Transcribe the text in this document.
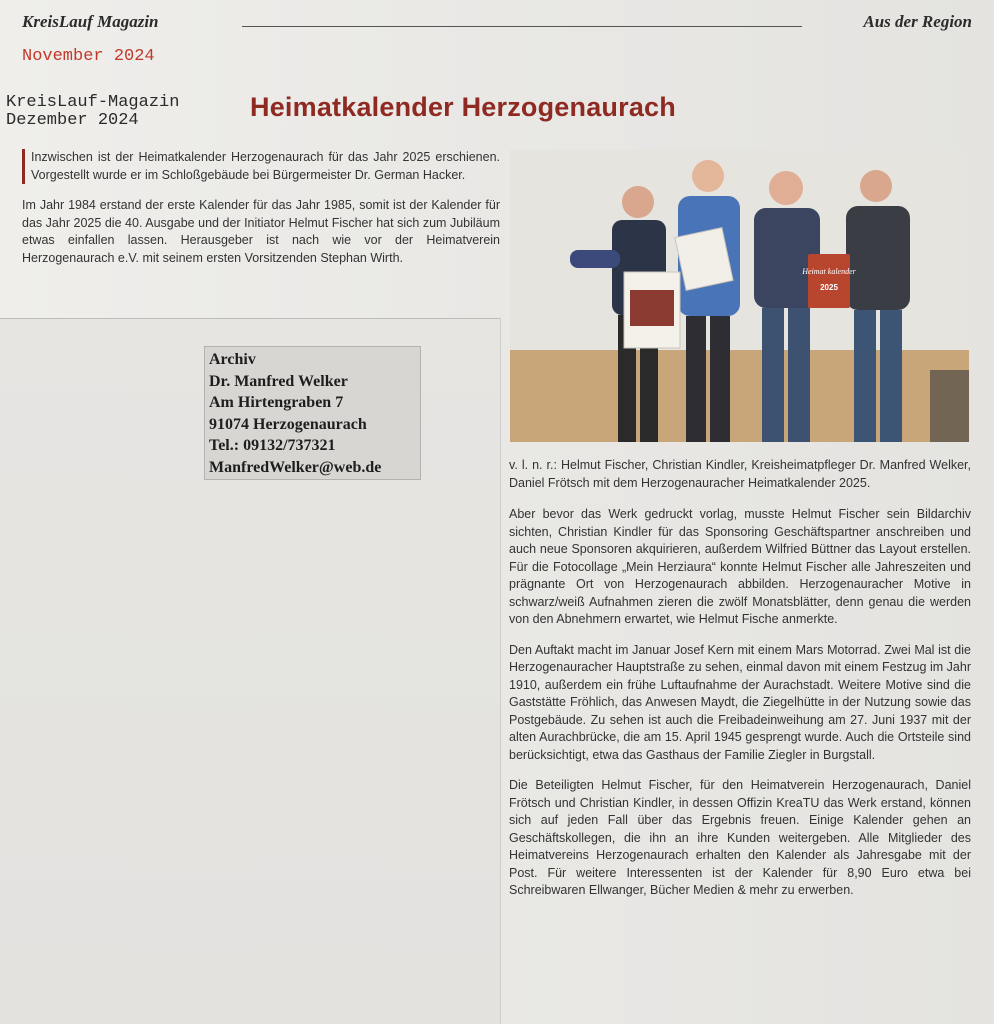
KreisLauf Magazin	Aus der Region
November 2024
KreisLauf-Magazin
Dezember 2024	Heimatkalender Herzogenaurach

Inzwischen ist der Heimatkalender Herzogenaurach für das Jahr 2025 erschienen. Vorgestellt wurde er im Schloßgebäude bei Bürgermeister Dr. German Hacker.

Im Jahr 1984 erstand der erste Kalender für das Jahr 1985, somit ist der Kalender für das Jahr 2025 die 40. Ausgabe und der Initiator Helmut Fischer hat sich zum Jubiläum etwas einfallen lassen. Herausgeber ist nach wie vor der Heimatverein Herzogenaurach e.V. mit seinem ersten Vorsitzenden Stephan Wirth.

Archiv
Dr. Manfred Welker
Am Hirtengraben 7
91074 Herzogenaurach
Tel.: 09132/737321
ManfredWelker@web.de
Heimat kalender
2025

v. l. n. r.: Helmut Fischer, Christian Kindler, Kreisheimatpfleger Dr. Manfred Welker, Daniel Frötsch mit dem Herzogenauracher Heimatkalender 2025.

Aber bevor das Werk gedruckt vorlag, musste Helmut Fischer sein Bildarchiv sichten, Christian Kindler für das Sponsoring Geschäftspartner anschreiben und auch neue Sponsoren akquirieren, außerdem Wilfried Büttner das Layout erstellen. Für die Fotocollage „Mein Herziaura“ konnte Helmut Fischer alle Jahreszeiten und prägnante Ort von Herzogenaurach abbilden. Herzogenauracher Motive in schwarz/weiß Aufnahmen zieren die zwölf Monatsblätter, denn genau die werden von den Abnehmern erwartet, wie Helmut Fische anmerkte.

Den Auftakt macht im Januar Josef Kern mit einem Mars Motorrad. Zwei Mal ist die Herzogenauracher Hauptstraße zu sehen, einmal davon mit einem Festzug im Jahr 1910, außerdem ein frühe Luftaufnahme der Aurachstadt. Weitere Motive sind die Gaststätte Fröhlich, das Anwesen Maydt, die Ziegelhütte in der Nutzung sowie das Postgebäude. Zu sehen ist auch die Freibadeinweihung am 27. Juni 1937 mit der alten Aurachbrücke, die am 15. April 1945 gesprengt wurde. Auch die Ortsteile sind berücksichtigt, etwa das Gasthaus der Familie Ziegler in Burgstall.

Die Beteiligten Helmut Fischer, für den Heimatverein Herzogenaurach, Daniel Frötsch und Christian Kindler, in dessen Offizin KreaTU das Werk erstand, können sich auf jeden Fall über das Ergebnis freuen. Einige Kalender gehen an Geschäftskollegen, die ihn an ihre Kunden weitergeben. Alle Mitglieder des Heimatvereins Herzogenaurach erhalten den Kalender als Jahresgabe mit der Post. Für weitere Interessenten ist der Kalender für 8,90 Euro etwa bei Schreibwaren Ellwanger, Bücher Medien & mehr zu erwerben.
